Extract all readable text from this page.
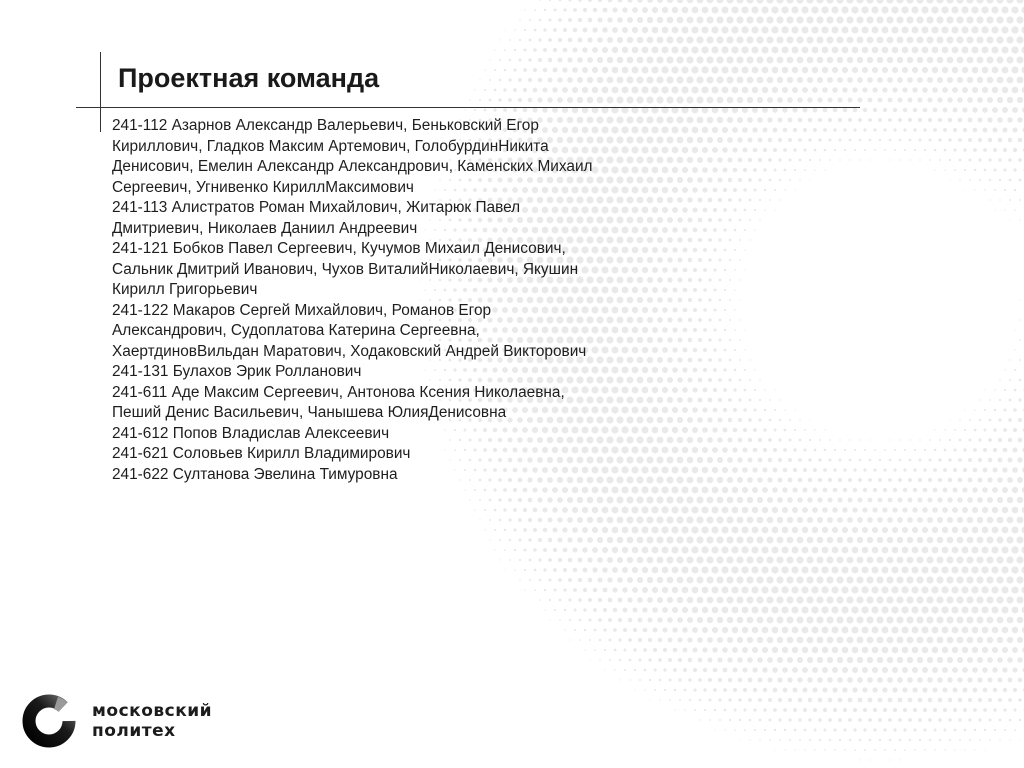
Проектная команда
241-112 Азарнов Александр Валерьевич, Беньковский Егор
Кириллович, Гладков Максим Артемович, ГолобурдинНикита
Денисович, Емелин Александр Александрович, Каменских Михаил
Сергеевич, Угнивенко КириллМаксимович
241-113 Алистратов Роман Михайлович, Житарюк Павел
Дмитриевич, Николаев Даниил Андреевич
241-121 Бобков Павел Сергеевич, Кучумов Михаил Денисович,
Сальник Дмитрий Иванович, Чухов ВиталийНиколаевич, Якушин
Кирилл Григорьевич
241-122 Макаров Сергей Михайлович, Романов Егор
Александрович, Судоплатова Катерина Сергеевна,
ХаертдиновВильдан Маратович, Ходаковский Андрей Викторович
241-131 Булахов Эрик Ролланович
241-611 Аде Максим Сергеевич, Антонова Ксения Николаевна,
Пеший Денис Васильевич, Чанышева ЮлияДенисовна
241-612 Попов Владислав Алексеевич
241-621 Соловьев Кирилл Владимирович
241-622 Султанова Эвелина Тимуровна
московский
политех
